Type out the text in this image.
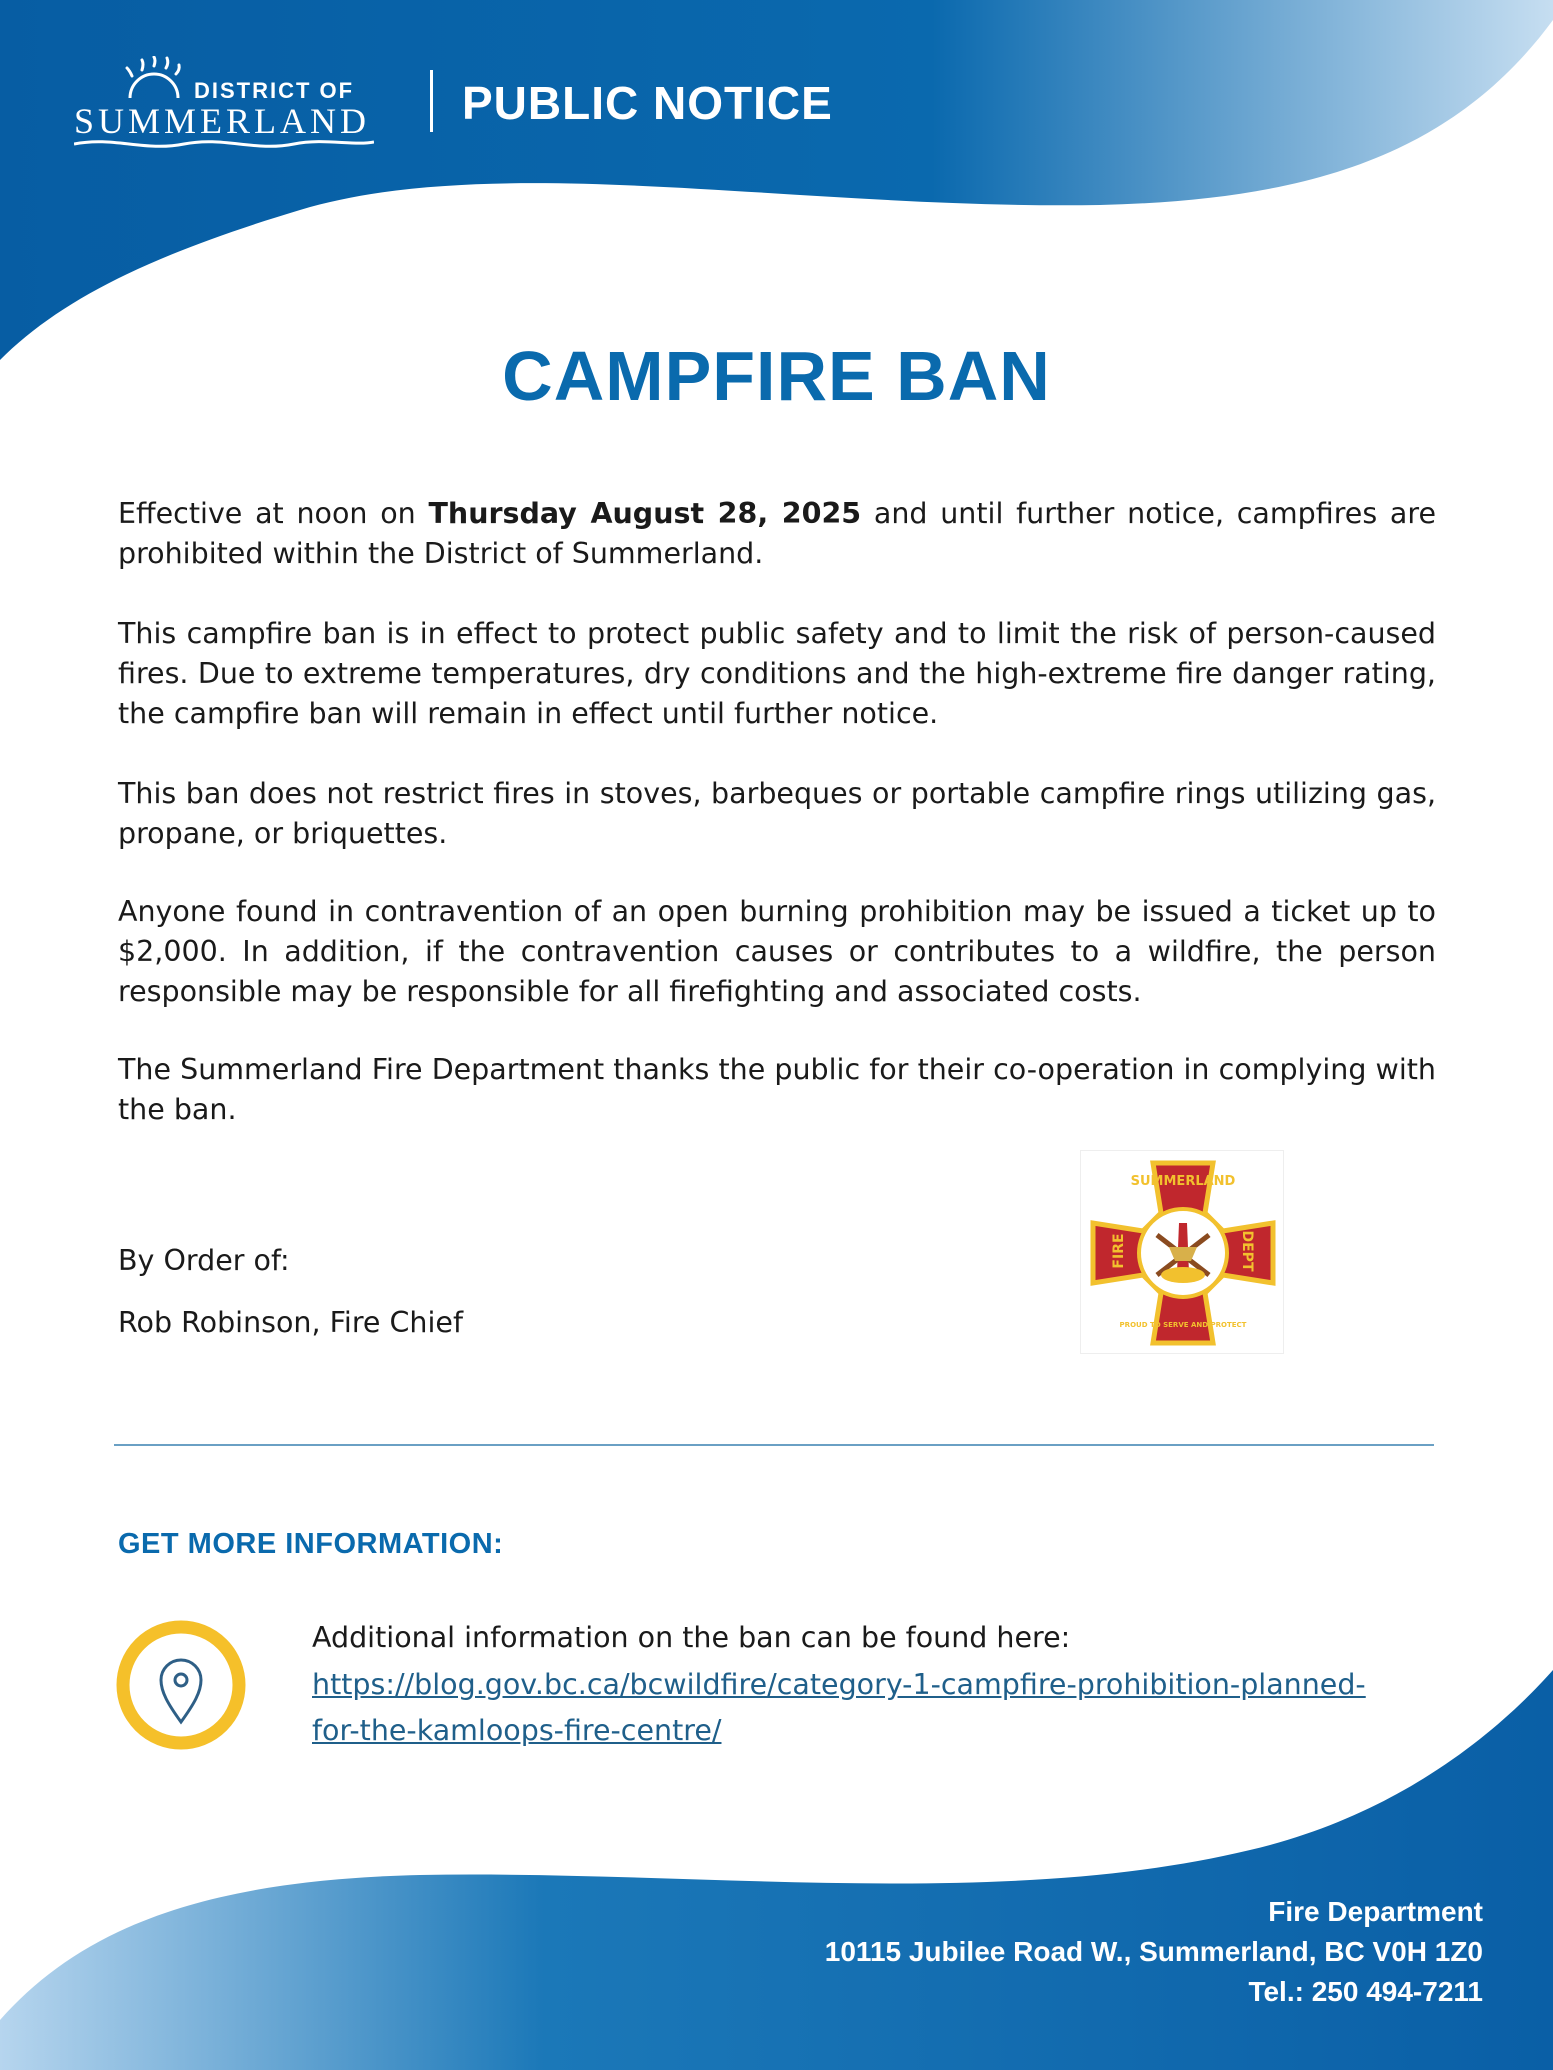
DISTRICT OF
SUMMERLAND PUBLIC NOTICE
CAMPFIRE BAN

Effective at noon on Thursday August 28, 2025 and until further notice, campfires are prohibited within the District of Summerland.

This campfire ban is in effect to protect public safety and to limit the risk of person-caused fires. Due to extreme temperatures, dry conditions and the high-extreme fire danger rating, the campfire ban will remain in effect until further notice.

This ban does not restrict fires in stoves, barbeques or portable campfire rings utilizing gas, propane, or briquettes.

Anyone found in contravention of an open burning prohibition may be issued a ticket up to $2,000. In addition, if the contravention causes or contributes to a wildfire, the person responsible may be responsible for all firefighting and associated costs.

The Summerland Fire Department thanks the public for their co-operation in complying with the ban.

By Order of:
Rob Robinson, Fire Chief
SUMMERLAND
FIRE	DEPT
PROUD TO SERVE AND PROTECT
GET MORE INFORMATION:
Additional information on the ban can be found here:
https://blog.gov.bc.ca/bcwildfire/category-1-campfire-prohibition-planned-
for-the-kamloops-fire-centre/
Fire Department
10115 Jubilee Road W., Summerland, BC V0H 1Z0
Tel.: 250 494-7211
